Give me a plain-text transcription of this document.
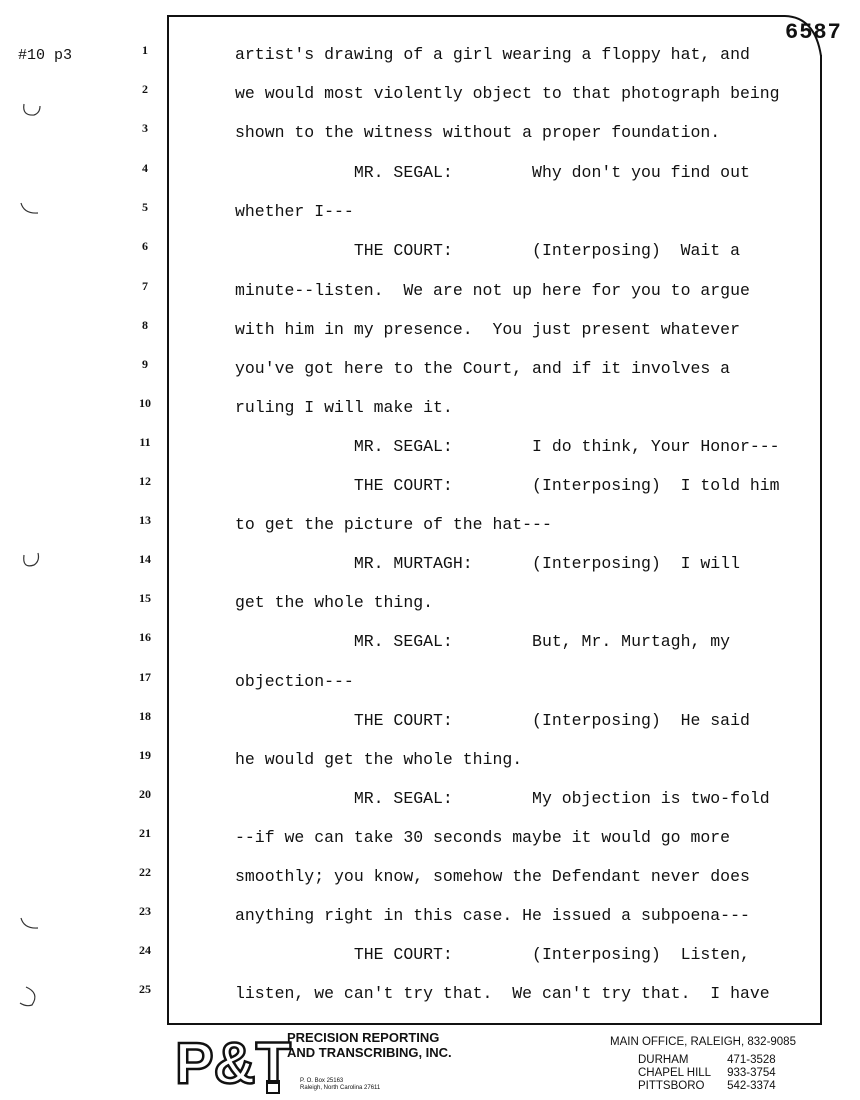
#10 p3
6587
1	artist's drawing of a girl wearing a floppy hat, and
2	we would most violently object to that photograph being
3	shown to the witness without a proper foundation.
4	MR. SEGAL:        Why don't you find out
5	whether I---
6	THE COURT:        (Interposing)  Wait a
7	minute--listen.  We are not up here for you to argue
8	with him in my presence.  You just present whatever
9	you've got here to the Court, and if it involves a
10	ruling I will make it.
11	MR. SEGAL:        I do think, Your Honor---
12	THE COURT:        (Interposing)  I told him
13	to get the picture of the hat---
14	MR. MURTAGH:      (Interposing)  I will
15	get the whole thing.
16	MR. SEGAL:        But, Mr. Murtagh, my
17	objection---
18	THE COURT:        (Interposing)  He said
19	he would get the whole thing.
20	MR. SEGAL:        My objection is two-fold
21	--if we can take 30 seconds maybe it would go more
22	smoothly; you know, somehow the Defendant never does
23	anything right in this case. He issued a subpoena---
24	THE COURT:        (Interposing)  Listen,
25	listen, we can't try that.  We can't try that.  I have
P&T
PRECISION REPORTING
AND TRANSCRIBING, INC.
P. O. Box 25163
Raleigh, North Carolina 27611
MAIN OFFICE, RALEIGH, 832-9085
DURHAM	471-3528
CHAPEL HILL	933-3754
PITTSBORO	542-3374
